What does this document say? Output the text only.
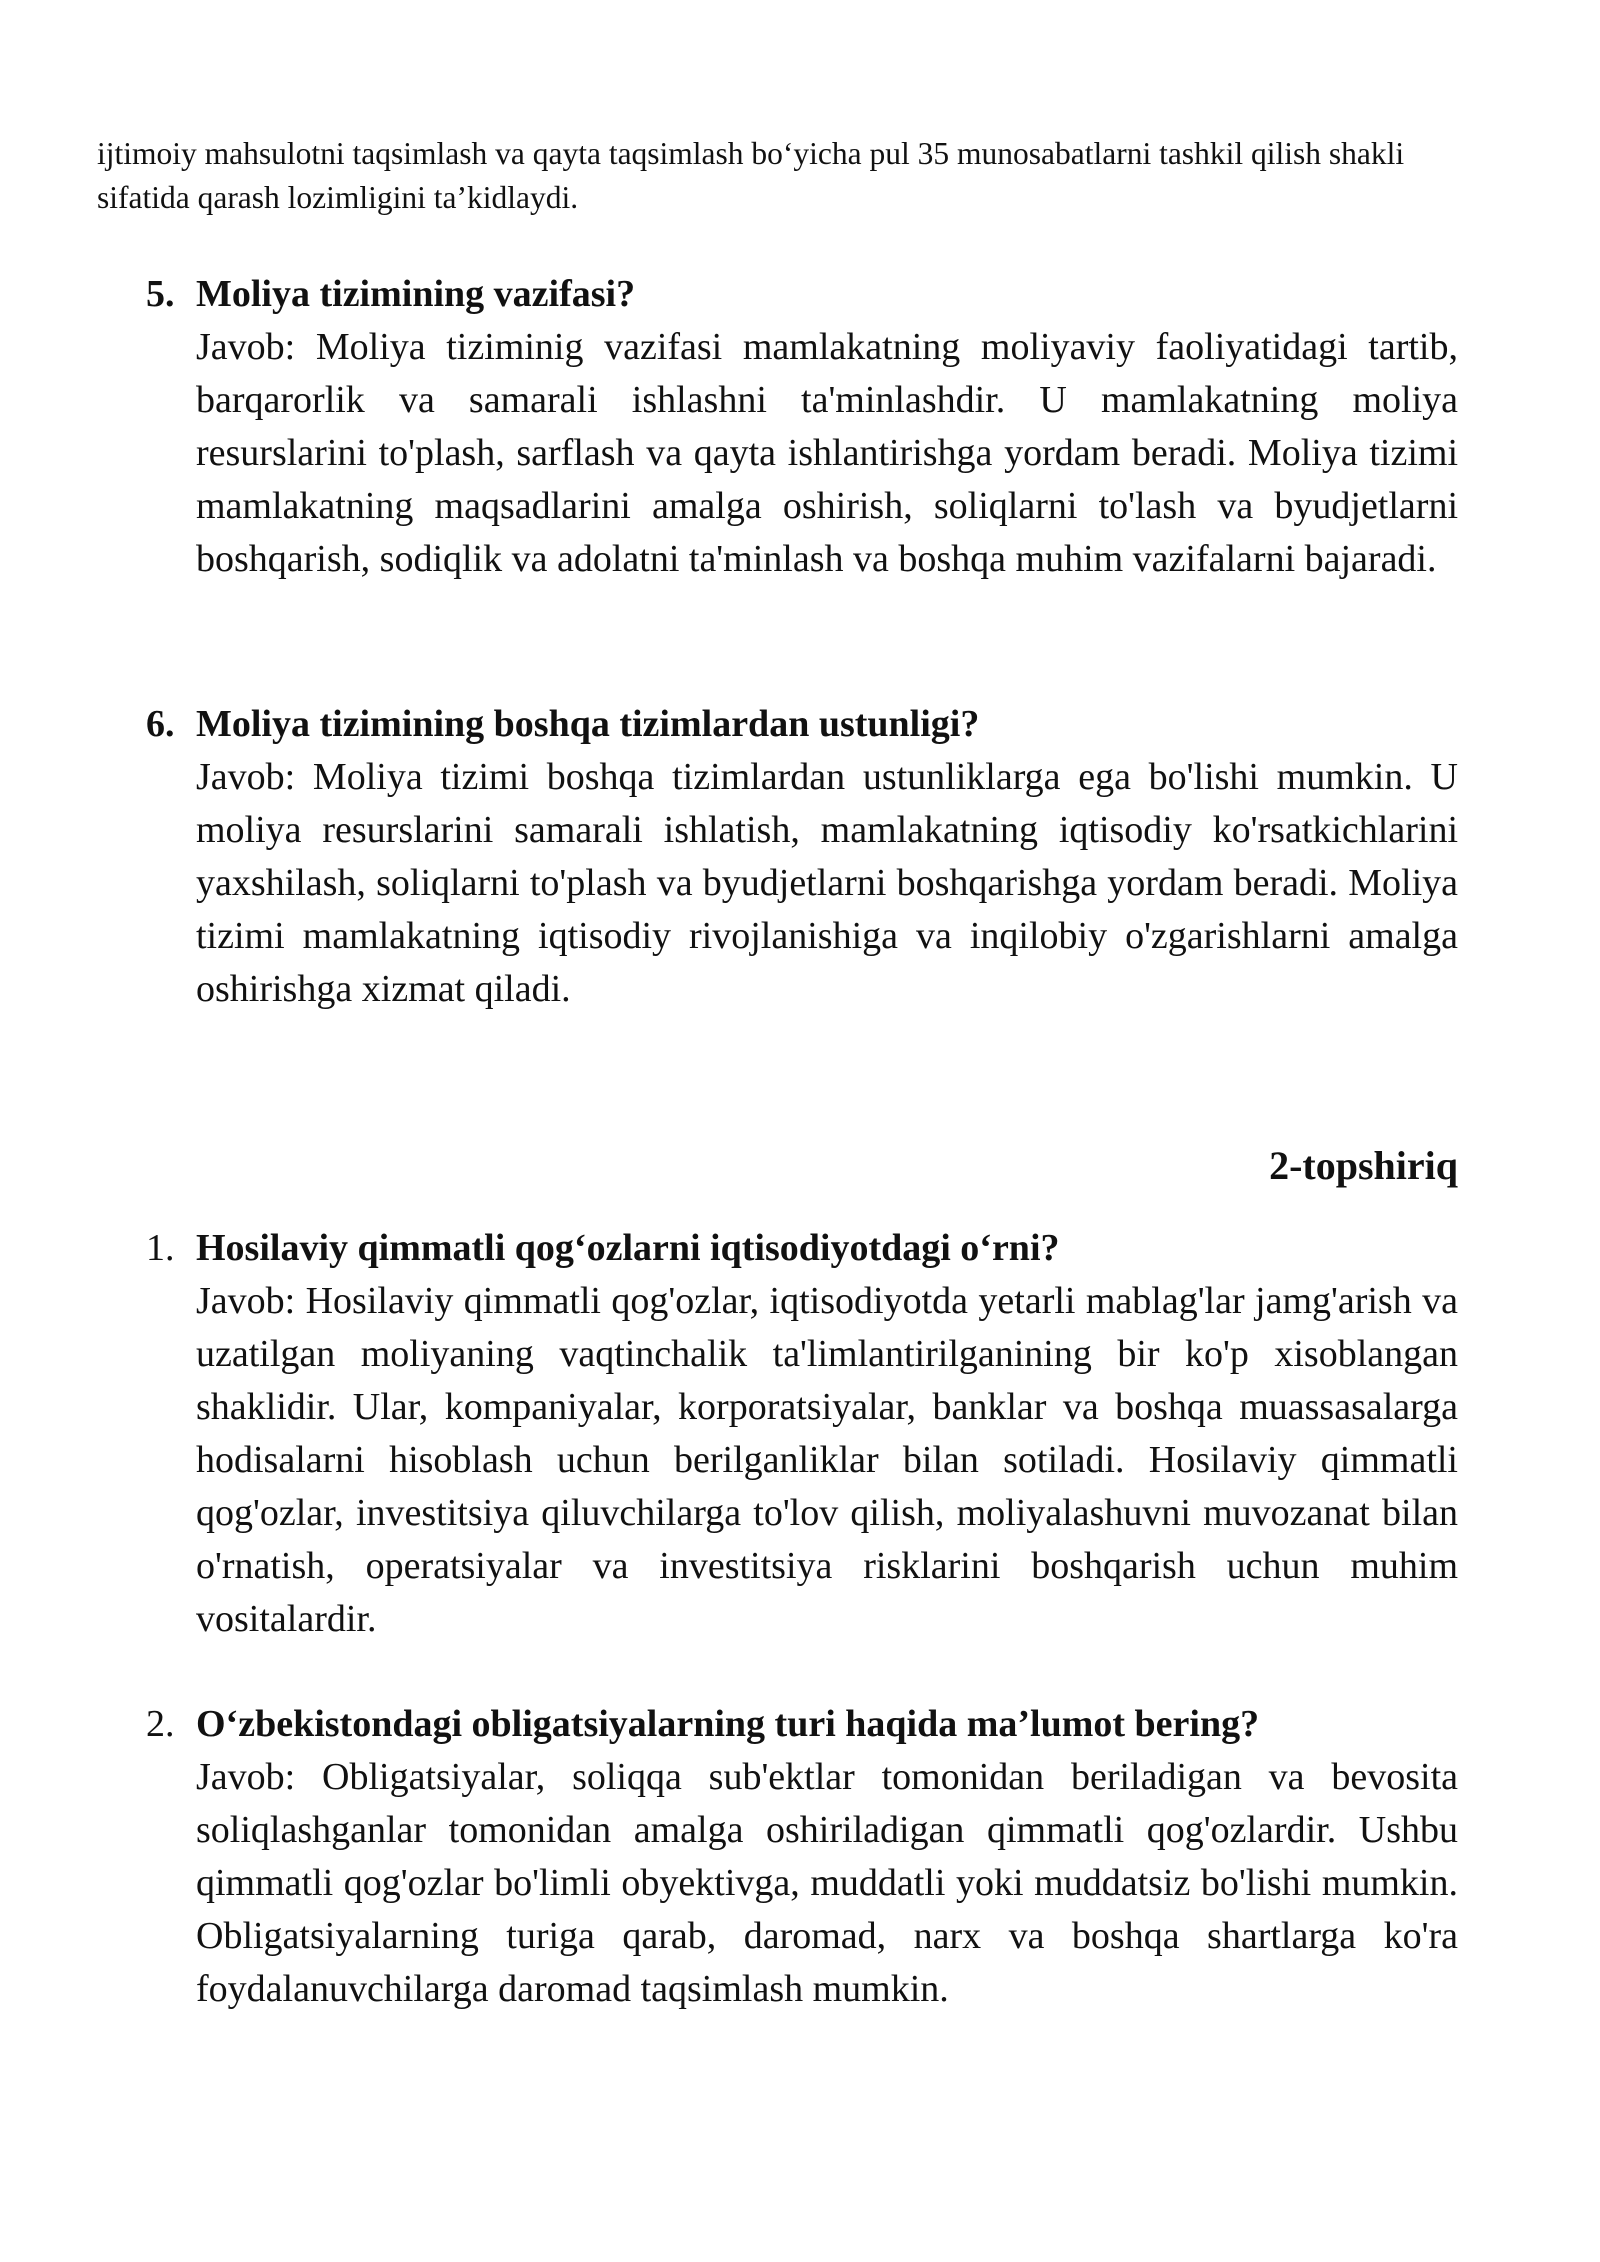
ijtimoiy mahsulotni taqsimlash va qayta taqsimlash bo‘yicha pul 35 munosabatlarni tashkil qilish shakli sifatida qarash lozimligini ta’kidlaydi.

5. Moliya tizimining vazifasi?
Javob: Moliya tiziminig vazifasi mamlakatning moliyaviy faoliyatidagi tartib, barqarorlik va samarali ishlashni ta'minlashdir. U mamlakatning moliya resurslarini to'plash, sarflash va qayta ishlantirishga yordam beradi. Moliya tizimi mamlakatning maqsadlarini amalga oshirish, soliqlarni to'lash va byudjetlarni boshqarish, sodiqlik va adolatni ta'minlash va boshqa muhim vazifalarni bajaradi.
6. Moliya tizimining boshqa tizimlardan ustunligi?
Javob: Moliya tizimi boshqa tizimlardan ustunliklarga ega bo'lishi mumkin. U moliya resurslarini samarali ishlatish, mamlakatning iqtisodiy ko'rsatkichlarini yaxshilash, soliqlarni to'plash va byudjetlarni boshqarishga yordam beradi. Moliya tizimi mamlakatning iqtisodiy rivojlanishiga va inqilobiy o'zgarishlarni amalga oshirishga xizmat qiladi.
2-topshiriq
1. Hosilaviy qimmatli qog‘ozlarni iqtisodiyotdagi o‘rni?
Javob: Hosilaviy qimmatli qog'ozlar, iqtisodiyotda yetarli mablag'lar jamg'arish va uzatilgan moliyaning vaqtinchalik ta'limlantirilganining bir ko'p xisoblangan shaklidir. Ular, kompaniyalar, korporatsiyalar, banklar va boshqa muassasalarga hodisalarni hisoblash uchun berilganliklar bilan sotiladi. Hosilaviy qimmatli qog'ozlar, investitsiya qiluvchilarga to'lov qilish, moliyalashuvni muvozanat bilan o'rnatish, operatsiyalar va investitsiya risklarini boshqarish uchun muhim vositalardir.
2. O‘zbekistondagi obligatsiyalarning turi haqida ma’lumot bering?
Javob: Obligatsiyalar, soliqqa sub'ektlar tomonidan beriladigan va bevosita soliqlashganlar tomonidan amalga oshiriladigan qimmatli qog'ozlardir. Ushbu qimmatli qog'ozlar bo'limli obyektivga, muddatli yoki muddatsiz bo'lishi mumkin. Obligatsiyalarning turiga qarab, daromad, narx va boshqa shartlarga ko'ra foydalanuvchilarga daromad taqsimlash mumkin.
